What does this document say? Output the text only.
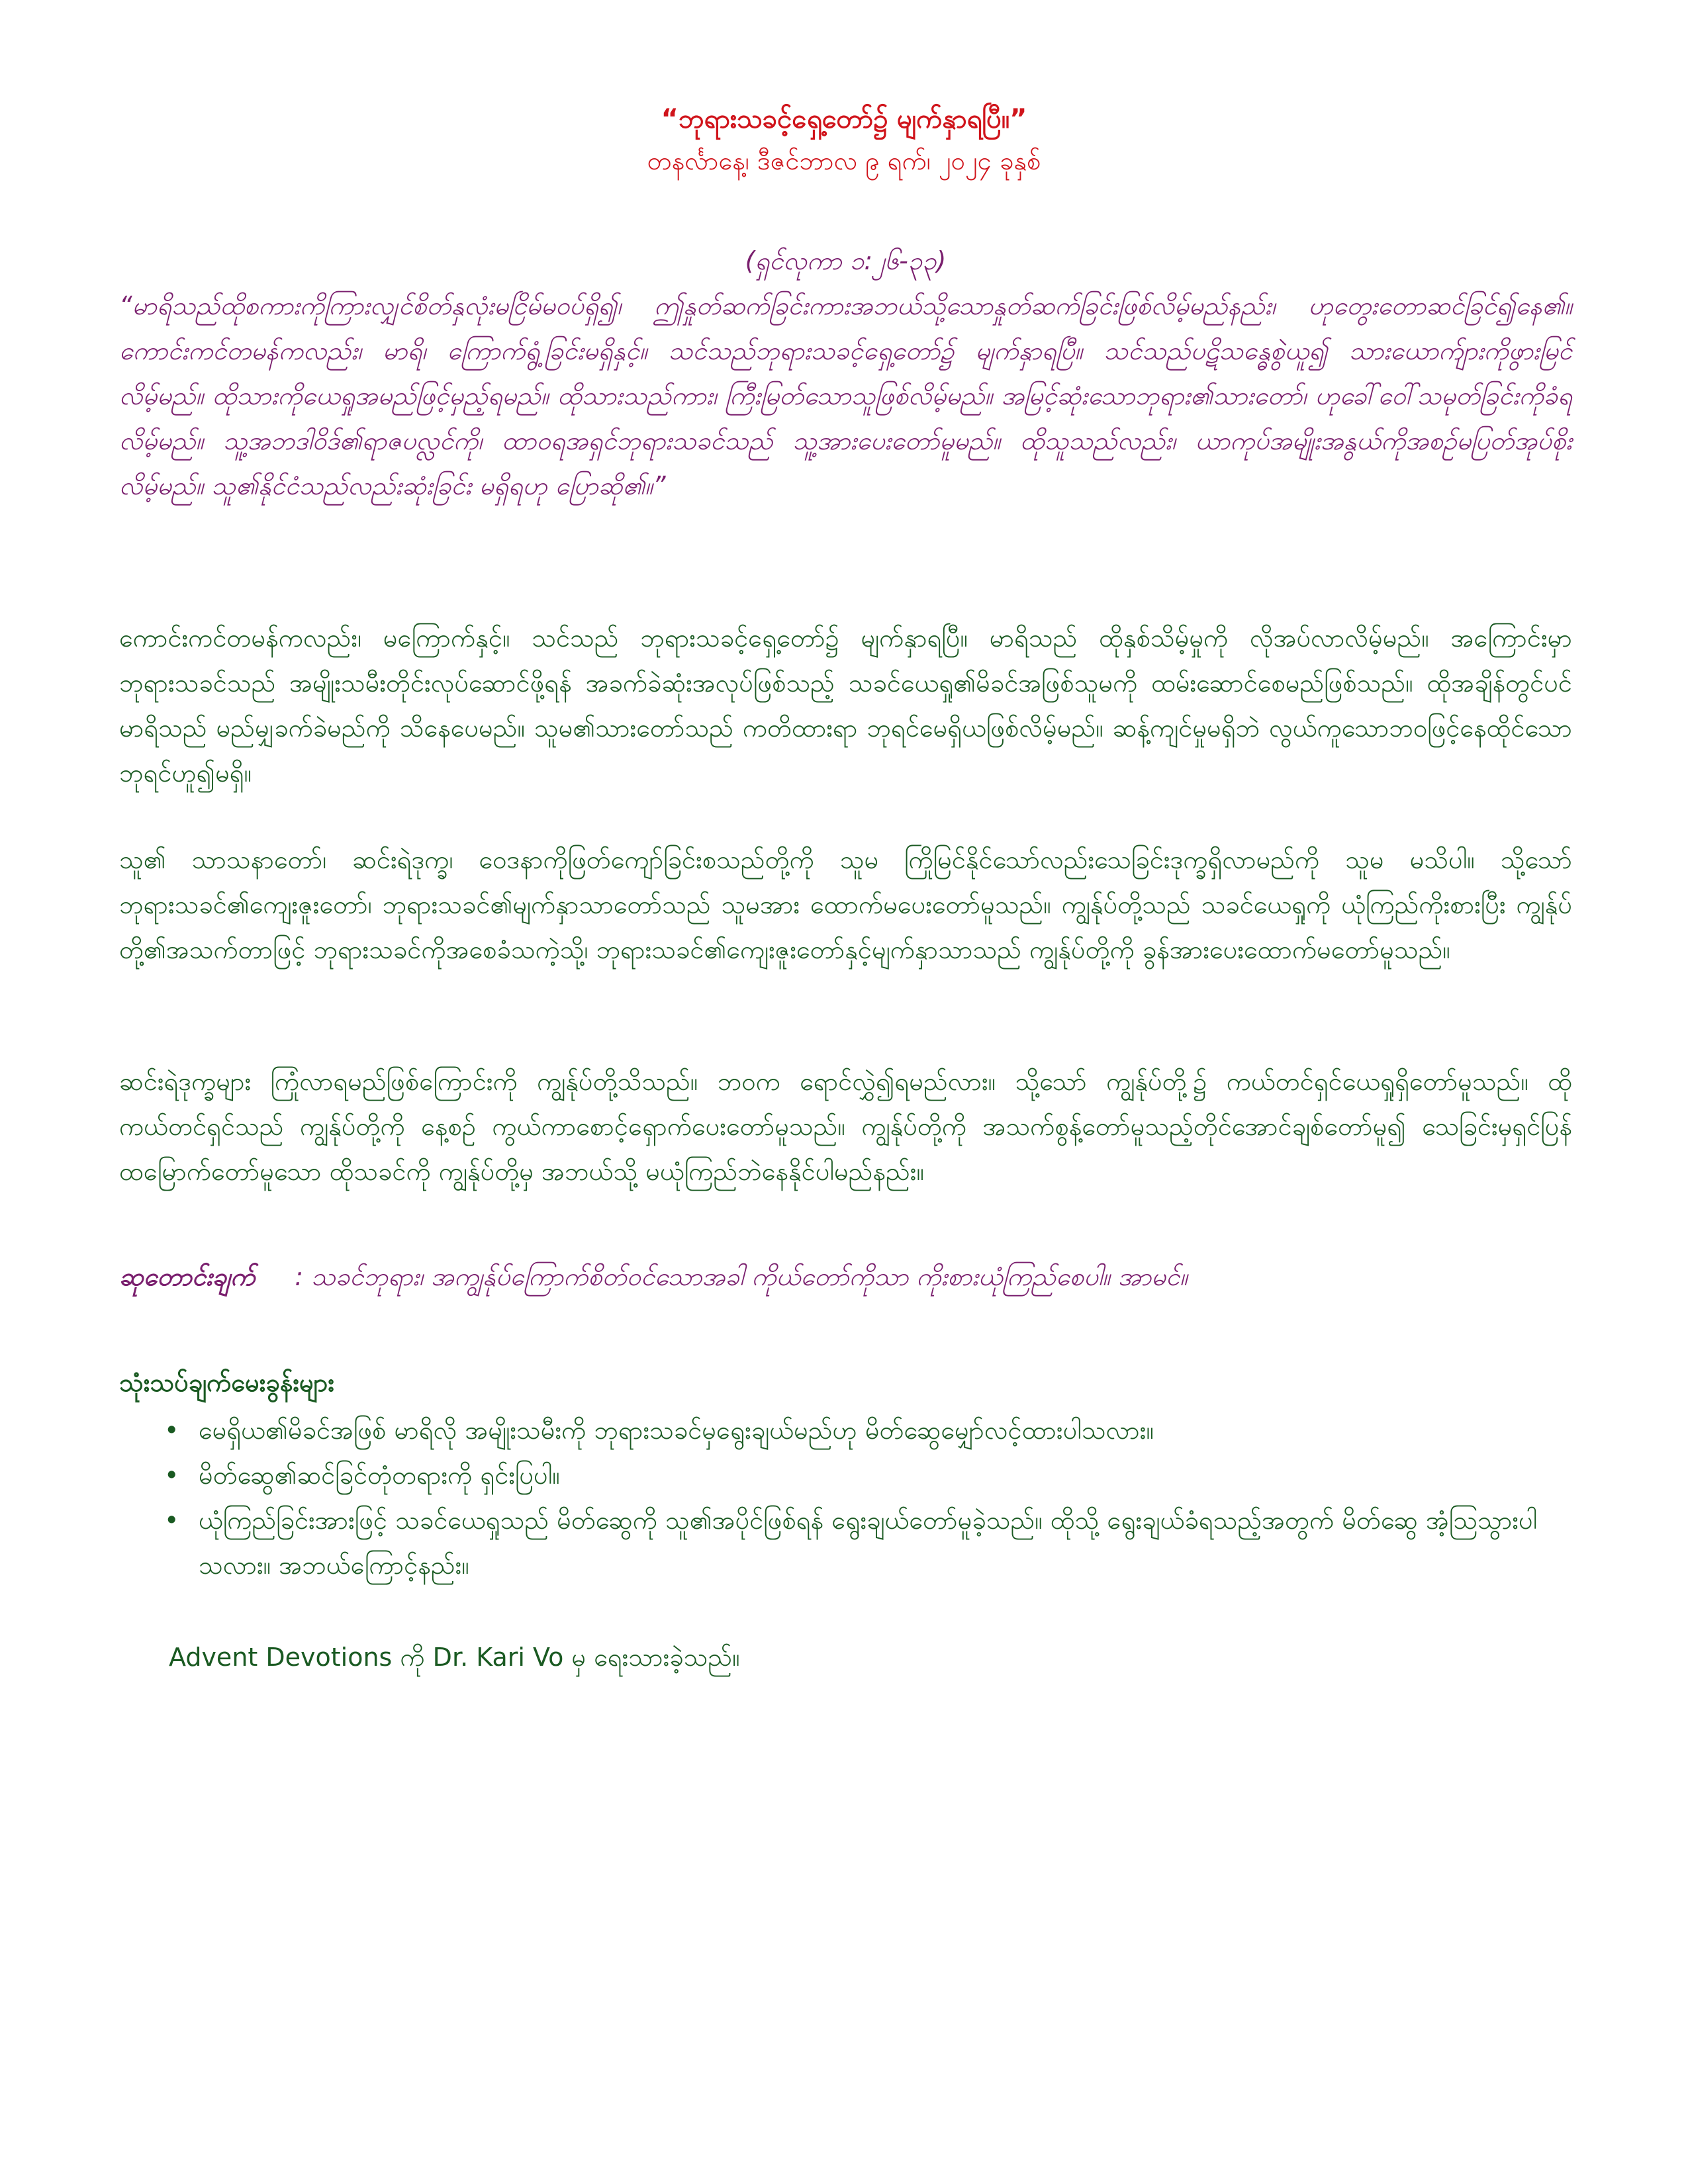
“ဘုရားသခင့်ရှေ့တော်၌ မျက်နှာရပြီ။”
တနင်္လာနေ့၊ ဒီဇင်ဘာလ ၉ ရက်၊ ၂၀၂၄ ခုနှစ်
(ရှင်လုကာ ၁:၂၆-၃၃)
“မာရိသည်ထိုစကားကိုကြားလျှင်စိတ်နှလုံးမငြိမ်မဝပ်ရှိ၍၊ ဤနှုတ်ဆက်ခြင်းကားအဘယ်သို့သောနှုတ်ဆက်ခြင်းဖြစ်လိမ့်မည်နည်း၊ ဟုတွေးတောဆင်ခြင်၍နေ၏။ ကောင်းကင်တမန်ကလည်း၊ မာရိ၊ ကြောက်ရွံ့ခြင်းမရှိနှင့်။ သင်သည်ဘုရားသခင့်ရှေ့တော်၌ မျက်နှာရပြီ။ သင်သည်ပဋိသန္ဓေစွဲယူ၍ သားယောက်ျားကိုဖွားမြင်လိမ့်မည်။ ထိုသားကိုယေရှုအမည်ဖြင့်မှည့်ရမည်။ ထိုသားသည်ကား၊ ကြီးမြတ်သောသူဖြစ်လိမ့်မည်။ အမြင့်ဆုံးသောဘုရား၏သားတော်၊ ဟုခေါ်ဝေါ်သမုတ်ခြင်းကိုခံရလိမ့်မည်။ သူ့အဘဒါဝိဒ်၏ရာဇပလ္လင်ကို၊ ထာဝရအရှင်ဘုရားသခင်သည် သူ့အားပေးတော်မူမည်။ ထိုသူသည်လည်း၊ ယာကုပ်အမျိုးအနွယ်ကိုအစဉ်မပြတ်အုပ်စိုးလိမ့်မည်။ သူ၏နိုင်ငံသည်လည်းဆုံးခြင်း မရှိရဟု ပြောဆို၏။”
ကောင်းကင်တမန်ကလည်း၊ မကြောက်နှင့်။ သင်သည် ဘုရားသခင့်ရှေ့တော်၌ မျက်နှာရပြီ။ မာရိသည် ထိုနှစ်သိမ့်မှုကို လိုအပ်လာလိမ့်မည်။ အကြောင်းမှာ ဘုရားသခင်သည် အမျိုးသမီးတိုင်းလုပ်ဆောင်ဖို့ရန် အခက်ခဲဆုံးအလုပ်ဖြစ်သည့် သခင်ယေရှု၏မိခင်အဖြစ်သူမကို ထမ်းဆောင်စေမည်ဖြစ်သည်။ ထိုအချိန်တွင်ပင် မာရိသည် မည်မျှခက်ခဲမည်ကို သိနေပေမည်။ သူမ၏သားတော်သည် ကတိထားရာ ဘုရင်မေရှိယဖြစ်လိမ့်မည်။ ဆန့်ကျင်မှုမရှိဘဲ လွယ်ကူသောဘဝဖြင့်နေထိုင်သော ဘုရင်ဟူ၍မရှိ။
သူ၏ သာသနာတော်၊ ဆင်းရဲဒုက္ခ၊ ဝေဒနာကိုဖြတ်ကျော်ခြင်းစသည်တို့ကို သူမ ကြိုမြင်နိုင်သော်လည်းသေခြင်းဒုက္ခရှိလာမည်ကို သူမ မသိပါ။ သို့သော်ဘုရားသခင်၏ကျေးဇူးတော်၊ ဘုရားသခင်၏မျက်နှာသာတော်သည် သူမအား ထောက်မပေးတော်မူသည်။ ကျွန်ုပ်တို့သည် သခင်ယေရှုကို ယုံကြည်ကိုးစားပြီး ကျွန်ုပ်တို့၏အသက်တာဖြင့် ဘုရားသခင်ကိုအစေခံသကဲ့သို့၊ ဘုရားသခင်၏ကျေးဇူးတော်နှင့်မျက်နှာသာသည် ကျွန်ုပ်တို့ကို ခွန်အားပေးထောက်မတော်မူသည်။
ဆင်းရဲဒုက္ခများ ကြုံလာရမည်ဖြစ်ကြောင်းကို ကျွန်ုပ်တို့သိသည်။ ဘဝက ရောင်လွှဲ၍ရမည်လား။ သို့သော် ကျွန်ုပ်တို့၌ ကယ်တင်ရှင်ယေရှုရှိတော်မူသည်။ ထိုကယ်တင်ရှင်သည် ကျွန်ုပ်တို့ကို နေ့စဉ် ကွယ်ကာစောင့်ရှောက်ပေးတော်မူသည်။ ကျွန်ုပ်တို့ကို အသက်စွန့်တော်မူသည့်တိုင်အောင်ချစ်တော်မူ၍ သေခြင်းမှရှင်ပြန်ထမြောက်တော်မူသော ထိုသခင်ကို ကျွန်ုပ်တို့မှ အဘယ်သို့ မယုံကြည်ဘဲနေနိုင်ပါမည်နည်း။
ဆုတောင်းချက် : သခင်ဘုရား၊ အကျွန်ုပ်ကြောက်စိတ်ဝင်သောအခါ ကိုယ်တော်ကိုသာ ကိုးစားယုံကြည်စေပါ။ အာမင်။
သုံးသပ်ချက်မေးခွန်းများ
• မေရှိယ၏မိခင်အဖြစ် မာရိလို အမျိုးသမီးကို ဘုရားသခင်မှရွေးချယ်မည်ဟု မိတ်ဆွေမျှော်လင့်ထားပါသလား။
• မိတ်ဆွေ၏ဆင်ခြင်တုံတရားကို ရှင်းပြပါ။
• ယုံကြည်ခြင်းအားဖြင့် သခင်ယေရှုသည် မိတ်ဆွေကို သူ၏အပိုင်ဖြစ်ရန် ရွေးချယ်တော်မူခဲ့သည်။ ထိုသို့ ရွေးချယ်ခံရသည့်အတွက် မိတ်ဆွေ အံ့သြသွားပါသလား။ အဘယ်ကြောင့်နည်း။
Advent Devotions ကို Dr. Kari Vo မှ ရေးသားခဲ့သည်။
